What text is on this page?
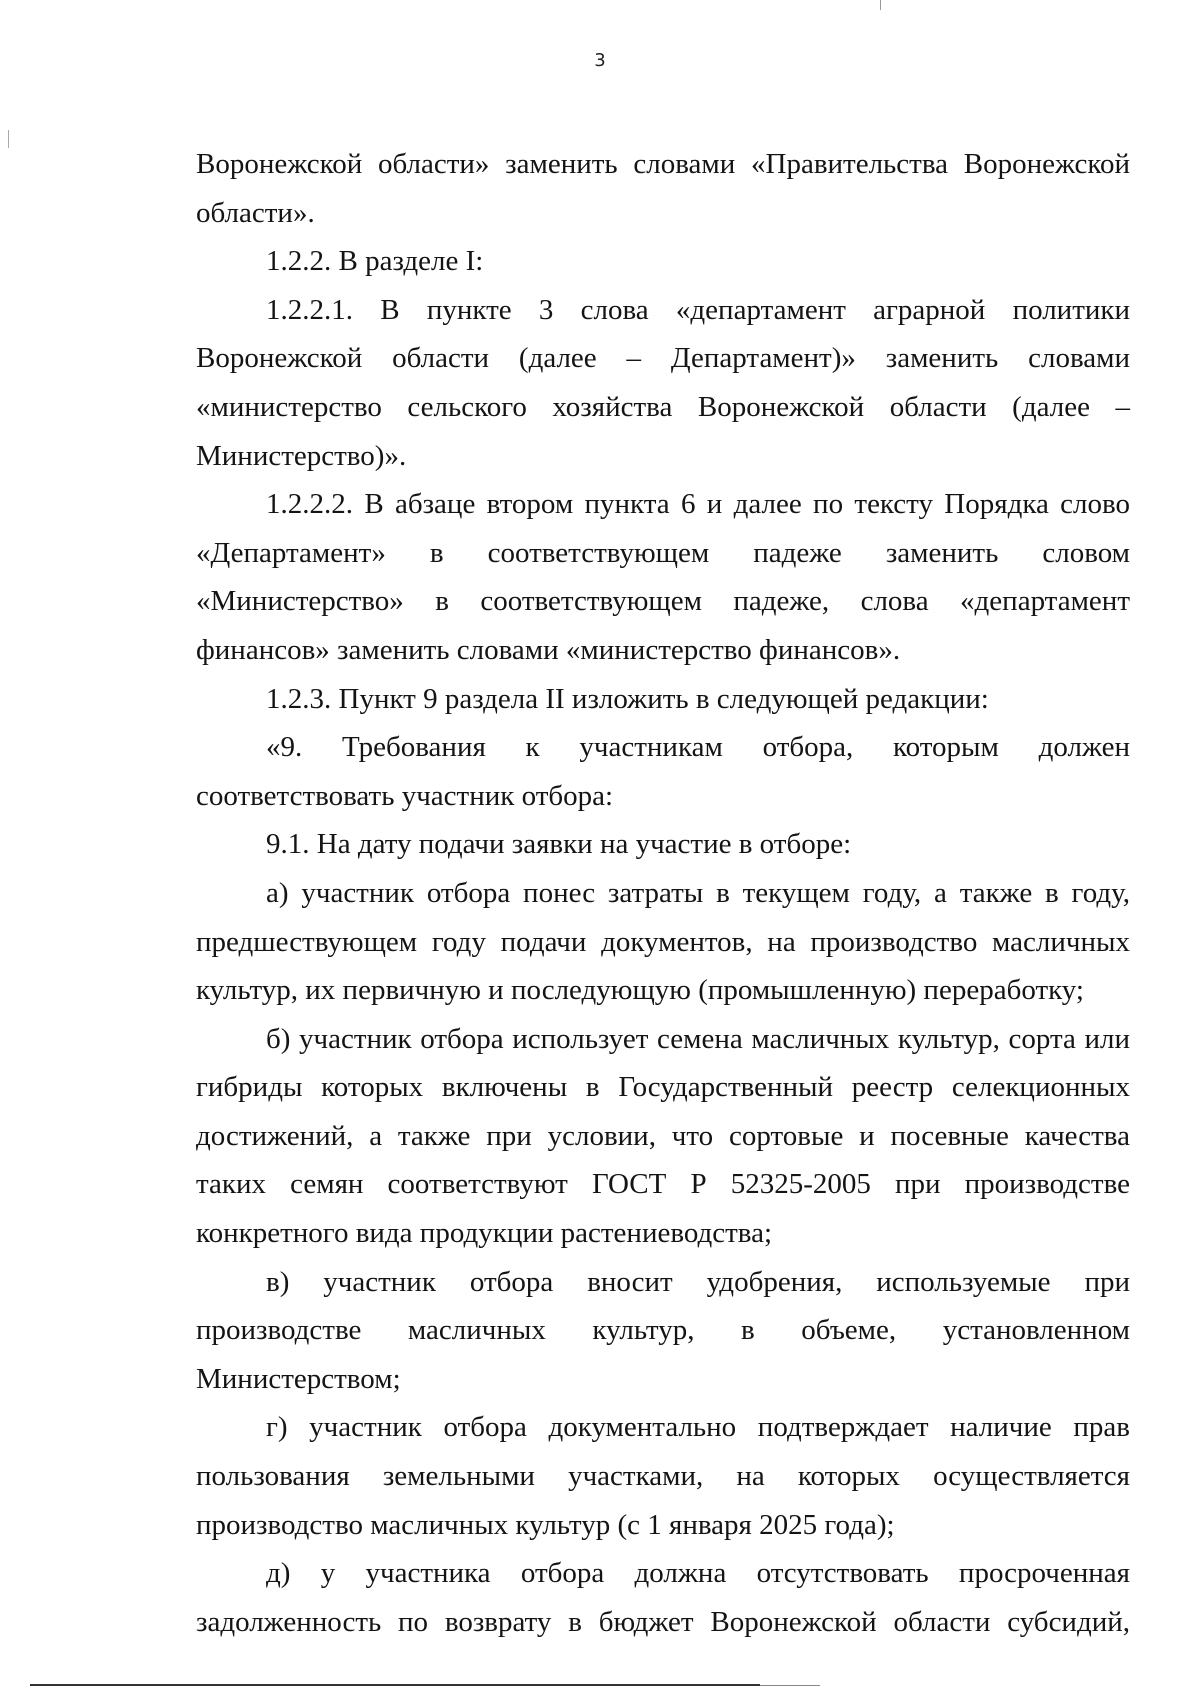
3

Воронежской области» заменить словами «Правительства Воронежской области».

1.2.2. В разделе I:

1.2.2.1. В пункте 3 слова «департамент аграрной политики Воронежской области (далее – Департамент)» заменить словами «министерство сельского хозяйства Воронежской области (далее – Министерство)».

1.2.2.2. В абзаце втором пункта 6 и далее по тексту Порядка слово «Департамент» в соответствующем падеже заменить словом «Министерство» в соответствующем падеже, слова «департамент финансов» заменить словами «министерство финансов».

1.2.3. Пункт 9 раздела II изложить в следующей редакции:

«9. Требования к участникам отбора, которым должен соответствовать участник отбора:

9.1. На дату подачи заявки на участие в отборе:

а) участник отбора понес затраты в текущем году, а также в году, предшествующем году подачи документов, на производство масличных культур, их первичную и последующую (промышленную) переработку;

б) участник отбора использует семена масличных культур, сорта или гибриды которых включены в Государственный реестр селекционных достижений, а также при условии, что сортовые и посевные качества таких семян соответствуют ГОСТ Р 52325-2005 при производстве конкретного вида продукции растениеводства;

в) участник отбора вносит удобрения, используемые при производстве масличных культур, в объеме, установленном Министерством;

г) участник отбора документально подтверждает наличие прав пользования земельными участками, на которых осуществляется производство масличных культур (с 1 января 2025 года);

д) у участника отбора должна отсутствовать просроченная задолженность по возврату в бюджет Воронежской области субсидий,
